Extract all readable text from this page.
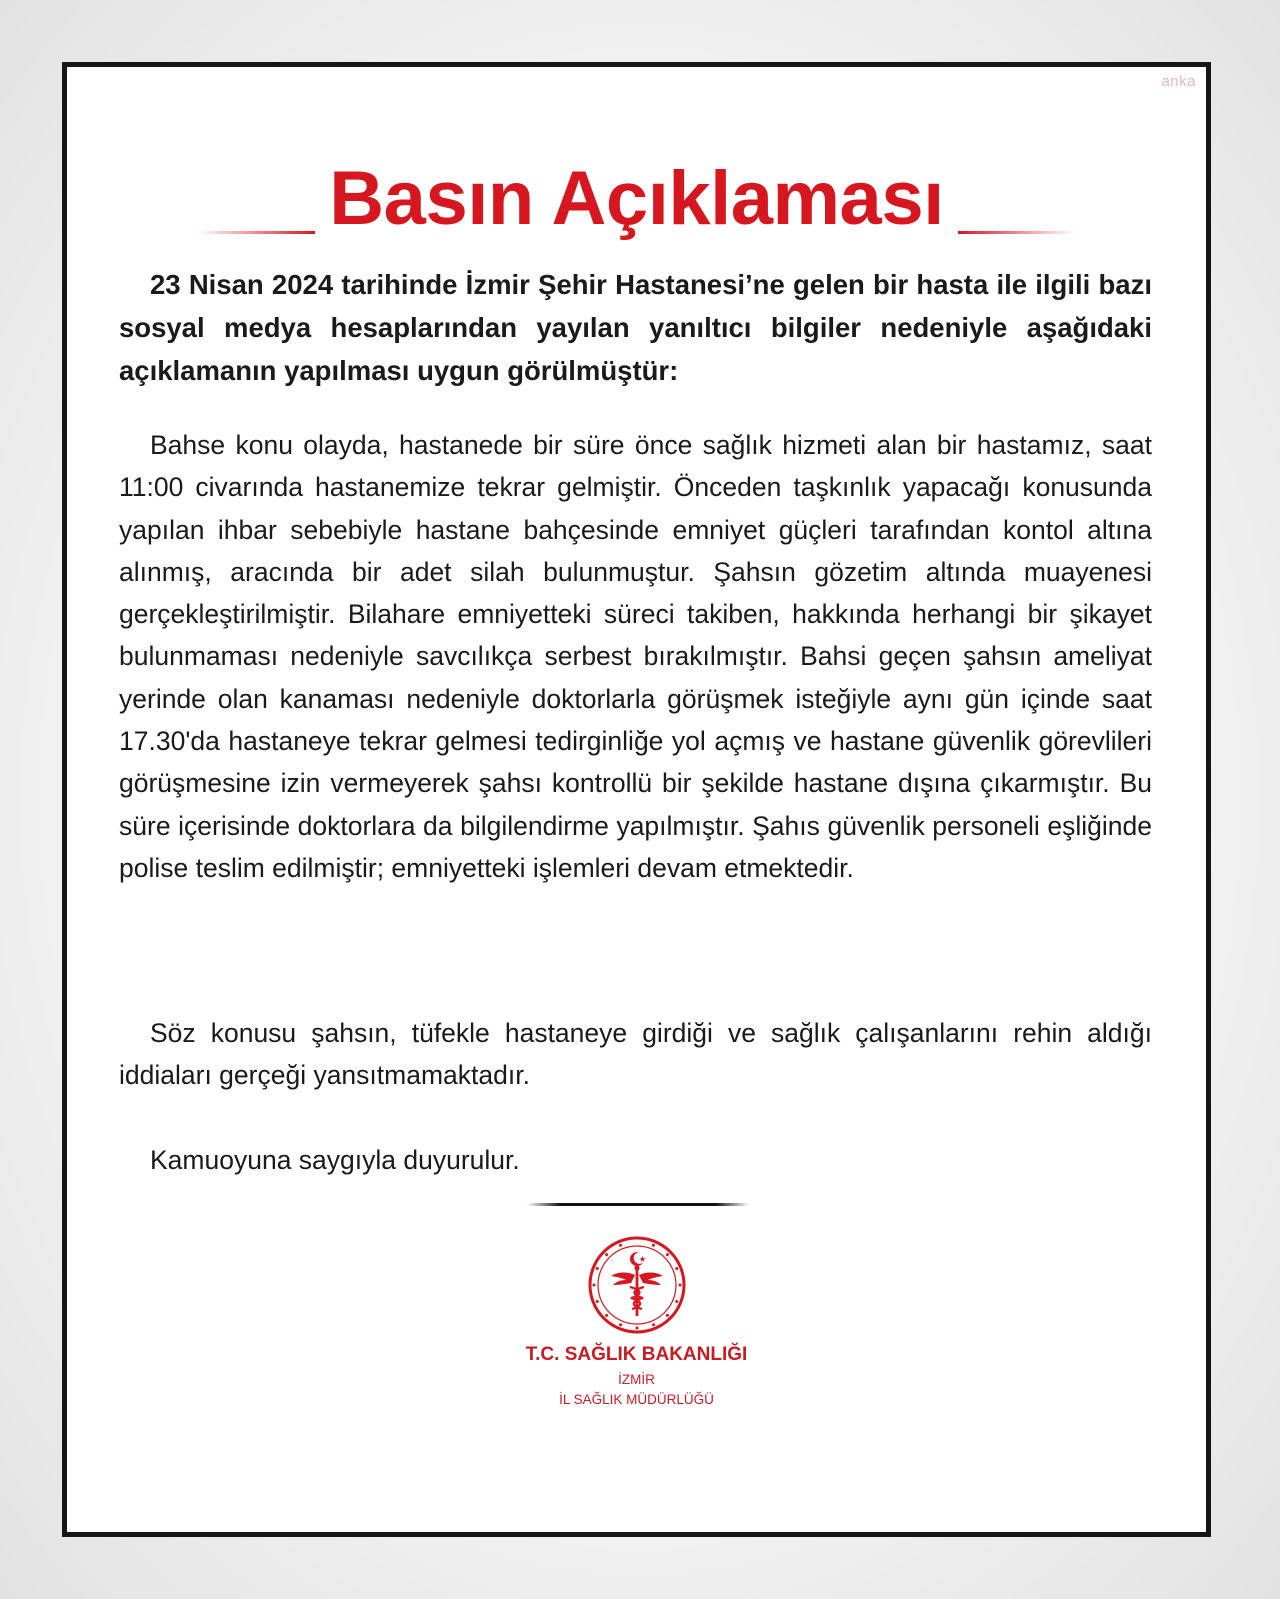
anka
Basın Açıklaması

23 Nisan 2024 tarihinde İzmir Şehir Hastanesi’ne gelen bir hasta ile ilgili bazı sosyal medya hesaplarından yayılan yanıltıcı bilgiler nedeniyle aşağıdaki açıklamanın yapılması uygun görülmüştür:

Bahse konu olayda, hastanede bir süre önce sağlık hizmeti alan bir hastamız, saat 11:00 civarında hastanemize tekrar gelmiştir. Önceden taşkınlık yapacağı konusunda yapılan ihbar sebebiyle hastane bahçesinde emniyet güçleri tarafından kontol altına alınmış, aracında bir adet silah bulunmuştur. Şahsın gözetim altında muayenesi gerçekleştirilmiştir. Bilahare emniyetteki süreci takiben, hakkında herhangi bir şikayet bulunmaması nedeniyle savcılıkça serbest bırakılmıştır. Bahsi geçen şahsın ameliyat yerinde olan kanaması nedeniyle doktorlarla görüşmek isteğiyle aynı gün içinde saat 17.30'da hastaneye tekrar gelmesi tedirginliğe yol açmış ve hastane güvenlik görevlileri görüşmesine izin vermeyerek şahsı kontrollü bir şekilde hastane dışına çıkarmıştır. Bu süre içerisinde doktorlara da bilgilendirme yapılmıştır. Şahıs güvenlik personeli eşliğinde polise teslim edilmiştir; emniyetteki işlemleri devam etmektedir.

Söz konusu şahsın, tüfekle hastaneye girdiği ve sağlık çalışanlarını rehin aldığı iddiaları gerçeği yansıtmamaktadır.

Kamuoyuna saygıyla duyurulur.

T.C. SAĞLIK BAKANLIĞI
İZMİR
İL SAĞLIK MÜDÜRLÜĞÜ
